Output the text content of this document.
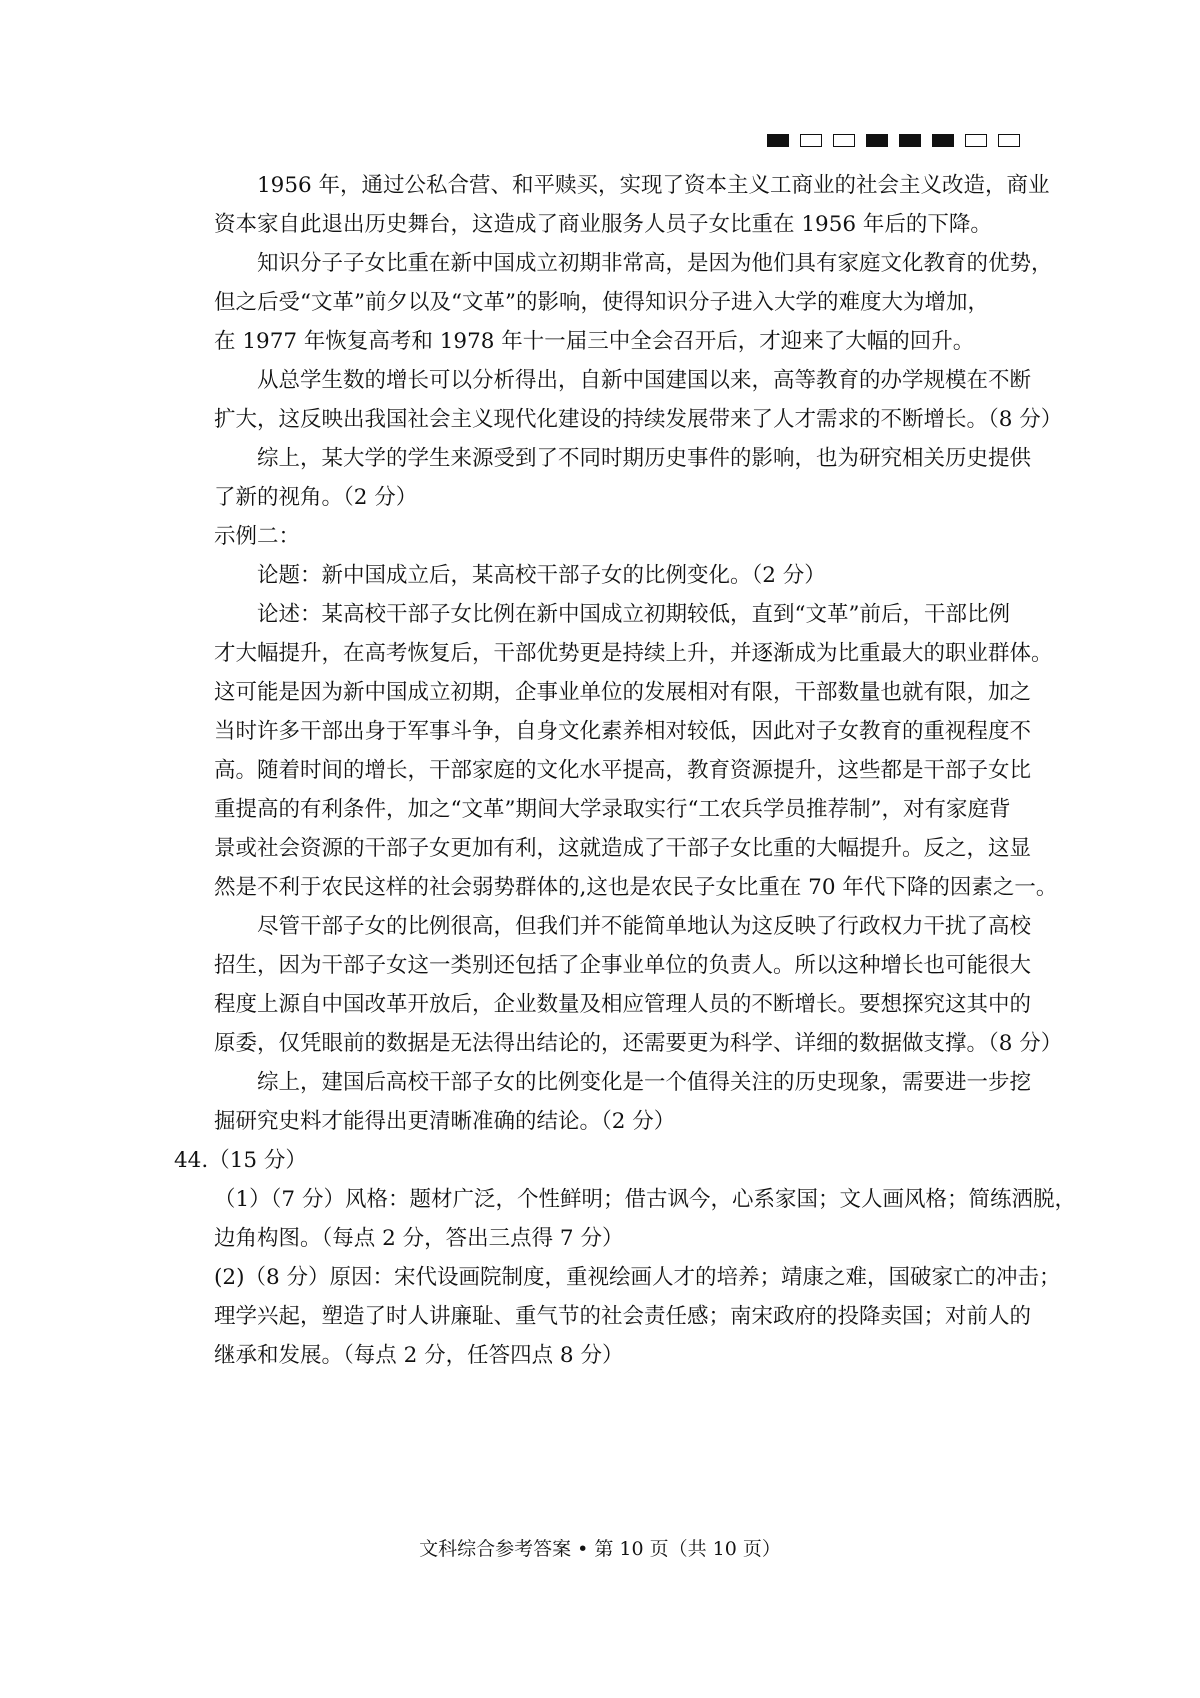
1956 年，通过公私合营、和平赎买，实现了资本主义工商业的社会主义改造，商业
资本家自此退出历史舞台，这造成了商业服务人员子女比重在 1956 年后的下降。
知识分子子女比重在新中国成立初期非常高，是因为他们具有家庭文化教育的优势，
但之后受“文革”前夕以及“文革”的影响，使得知识分子进入大学的难度大为增加，
在 1977 年恢复高考和 1978 年十一届三中全会召开后，才迎来了大幅的回升。
从总学生数的增长可以分析得出，自新中国建国以来，高等教育的办学规模在不断
扩大，这反映出我国社会主义现代化建设的持续发展带来了人才需求的不断增长。（8 分）
综上，某大学的学生来源受到了不同时期历史事件的影响，也为研究相关历史提供
了新的视角。（2 分）
示例二：
论题：新中国成立后，某高校干部子女的比例变化。（2 分）
论述：某高校干部子女比例在新中国成立初期较低，直到“文革”前后，干部比例
才大幅提升，在高考恢复后，干部优势更是持续上升，并逐渐成为比重最大的职业群体。
这可能是因为新中国成立初期，企事业单位的发展相对有限，干部数量也就有限，加之
当时许多干部出身于军事斗争，自身文化素养相对较低，因此对子女教育的重视程度不
高。随着时间的增长，干部家庭的文化水平提高，教育资源提升，这些都是干部子女比
重提高的有利条件，加之“文革”期间大学录取实行“工农兵学员推荐制”，对有家庭背
景或社会资源的干部子女更加有利，这就造成了干部子女比重的大幅提升。反之，这显
然是不利于农民这样的社会弱势群体的,这也是农民子女比重在 70 年代下降的因素之一。
尽管干部子女的比例很高，但我们并不能简单地认为这反映了行政权力干扰了高校
招生，因为干部子女这一类别还包括了企事业单位的负责人。所以这种增长也可能很大
程度上源自中国改革开放后，企业数量及相应管理人员的不断增长。要想探究这其中的
原委，仅凭眼前的数据是无法得出结论的，还需要更为科学、详细的数据做支撑。（8 分）
综上，建国后高校干部子女的比例变化是一个值得关注的历史现象，需要进一步挖
掘研究史料才能得出更清晰准确的结论。（2 分）
44.（15 分）
（1）（7 分）风格：题材广泛，个性鲜明；借古讽今，心系家国；文人画风格；简练洒脱，
边角构图。（每点 2 分，答出三点得 7 分）
(2)（8 分）原因：宋代设画院制度，重视绘画人才的培养；靖康之难，国破家亡的冲击；
理学兴起，塑造了时人讲廉耻、重气节的社会责任感；南宋政府的投降卖国；对前人的
继承和发展。（每点 2 分，任答四点 8 分）
文科综合参考答案 • 第 10 页（共 10 页）
